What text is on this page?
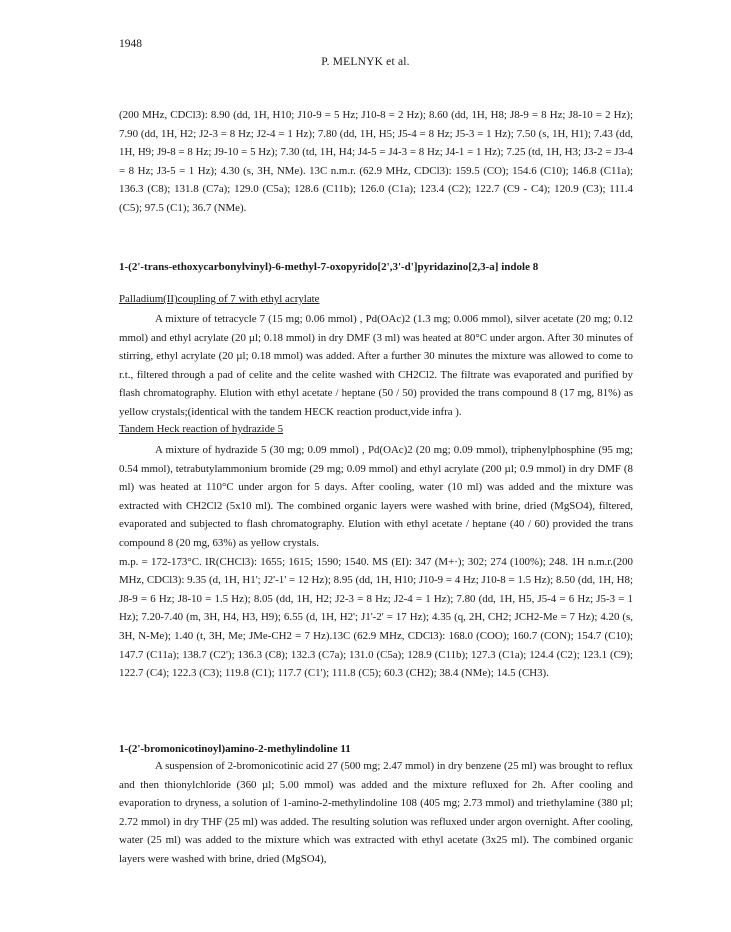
1948
P. MELNYK et al.

(200 MHz, CDCl3): 8.90 (dd, 1H, H10; J10-9 = 5 Hz; J10-8 = 2 Hz); 8.60 (dd, 1H, H8; J8-9 = 8 Hz; J8-10 = 2 Hz); 7.90 (dd, 1H, H2; J2-3 = 8 Hz; J2-4 = 1 Hz); 7.80 (dd, 1H, H5; J5-4 = 8 Hz; J5-3 = 1 Hz); 7.50 (s, 1H, H1); 7.43 (dd, 1H, H9; J9-8 = 8 Hz; J9-10 = 5 Hz); 7.30 (td, 1H, H4; J4-5 = J4-3 = 8 Hz; J4-1 = 1 Hz); 7.25 (td, 1H, H3; J3-2 = J3-4 = 8 Hz; J3-5 = 1 Hz); 4.30 (s, 3H, NMe). 13C n.m.r. (62.9 MHz, CDCl3): 159.5 (CO); 154.6 (C10); 146.8 (C11a); 136.3 (C8); 131.8 (C7a); 129.0 (C5a); 128.6 (C11b); 126.0 (C1a); 123.4 (C2); 122.7 (C9 - C4); 120.9 (C3); 111.4 (C5); 97.5 (C1); 36.7 (NMe).

1-(2'-trans-ethoxycarbonylvinyl)-6-methyl-7-oxopyrido[2',3'-d']pyridazino[2,3-a] indole 8
Palladium(II)coupling of 7 with ethyl acrylate

A mixture of tetracycle 7 (15 mg; 0.06 mmol) , Pd(OAc)2 (1.3 mg; 0.006 mmol), silver acetate (20 mg; 0.12 mmol) and ethyl acrylate (20 µl; 0.18 mmol) in dry DMF (3 ml) was heated at 80°C under argon. After 30 minutes of stirring, ethyl acrylate (20 µl; 0.18 mmol) was added. After a further 30 minutes the mixture was allowed to come to r.t., filtered through a pad of celite and the celite washed with CH2Cl2. The filtrate was evaporated and purified by flash chromatography. Elution with ethyl acetate / heptane (50 / 50) provided the trans compound 8 (17 mg, 81%) as yellow crystals;(identical with the tandem HECK reaction product,vide infra ).

Tandem Heck reaction of hydrazide 5

A mixture of hydrazide 5 (30 mg; 0.09 mmol) , Pd(OAc)2 (20 mg; 0.09 mmol), triphenylphosphine (95 mg; 0.54 mmol), tetrabutylammonium bromide (29 mg; 0.09 mmol) and ethyl acrylate (200 µl; 0.9 mmol) in dry DMF (8 ml) was heated at 110°C under argon for 5 days. After cooling, water (10 ml) was added and the mixture was extracted with CH2Cl2 (5x10 ml). The combined organic layers were washed with brine, dried (MgSO4), filtered, evaporated and subjected to flash chromatography. Elution with ethyl acetate / heptane (40 / 60) provided the trans compound 8 (20 mg, 63%) as yellow crystals.

m.p. = 172-173°C. IR(CHCl3): 1655; 1615; 1590; 1540. MS (EI): 347 (M+·); 302; 274 (100%); 248. 1H n.m.r.(200 MHz, CDCl3): 9.35 (d, 1H, H1'; J2'-1' = 12 Hz); 8.95 (dd, 1H, H10; J10-9 = 4 Hz; J10-8 = 1.5 Hz); 8.50 (dd, 1H, H8; J8-9 = 6 Hz; J8-10 = 1.5 Hz); 8.05 (dd, 1H, H2; J2-3 = 8 Hz; J2-4 = 1 Hz); 7.80 (dd, 1H, H5, J5-4 = 6 Hz; J5-3 = 1 Hz); 7.20-7.40 (m, 3H, H4, H3, H9); 6.55 (d, 1H, H2'; J1'-2' = 17 Hz); 4.35 (q, 2H, CH2; JCH2-Me = 7 Hz); 4.20 (s, 3H, N-Me); 1.40 (t, 3H, Me; JMe-CH2 = 7 Hz).13C (62.9 MHz, CDCl3): 168.0 (COO); 160.7 (CON); 154.7 (C10); 147.7 (C11a); 138.7 (C2'); 136.3 (C8); 132.3 (C7a); 131.0 (C5a); 128.9 (C11b); 127.3 (C1a); 124.4 (C2); 123.1 (C9); 122.7 (C4); 122.3 (C3); 119.8 (C1); 117.7 (C1'); 111.8 (C5); 60.3 (CH2); 38.4 (NMe); 14.5 (CH3).

1-(2'-bromonicotinoyl)amino-2-methylindoline 11

A suspension of 2-bromonicotinic acid 27 (500 mg; 2.47 mmol) in dry benzene (25 ml) was brought to reflux and then thionylchloride (360 µl; 5.00 mmol) was added and the mixture refluxed for 2h. After cooling and evaporation to dryness, a solution of 1-amino-2-methylindoline 108 (405 mg; 2.73 mmol) and triethylamine (380 µl; 2.72 mmol) in dry THF (25 ml) was added. The resulting solution was refluxed under argon overnight. After cooling, water (25 ml) was added to the mixture which was extracted with ethyl acetate (3x25 ml). The combined organic layers were washed with brine, dried (MgSO4),
